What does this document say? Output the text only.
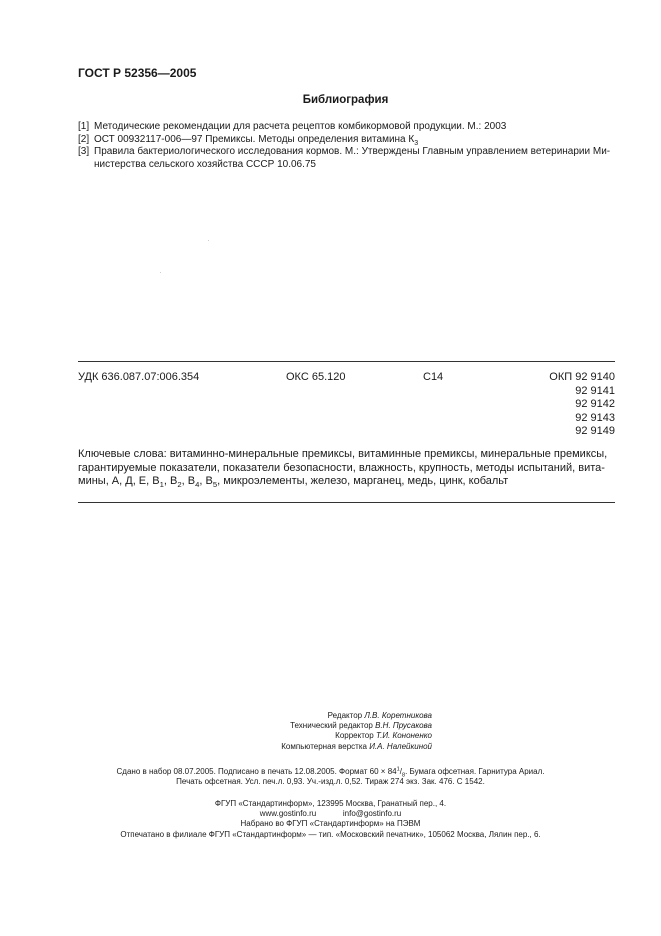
ГОСТ Р 52356—2005
Библиография
[1] Методические рекомендации для расчета рецептов комбикормовой продукции. М.: 2003
[2] ОСТ 00932117-006—97 Премиксы. Методы определения витамина $К_3$
[3] Правила бактериологического исследования кормов. М.: Утверждены Главным управлением ветеринарии Ми-
нистерства сельского хозяйства СССР 10.06.75
УДК 636.087.07:006.354	ОКС 65.120	С14	ОКП 92 9140
92 9141
92 9142
92 9143
92 9149
Ключевые слова: витаминно-минеральные премиксы, витаминные премиксы, минеральные премиксы,
гарантируемые показатели, показатели безопасности, влажность, крупность, методы испытаний, вита-
мины, А, Д, Е, $В_1$, $В_2$, $В_4$, $В_5$, микроэлементы, железо, марганец, медь, цинк, кобальт
Редактор Л.В. Коретникова
Технический редактор В.Н. Прусакова
Корректор Т.И. Кононенко
Компьютерная верстка И.А. Налейкиной
Сдано в набор 08.07.2005. Подписано в печать 12.08.2005. Формат $60 \times 84^1/_8$. Бумага офсетная. Гарнитура Ариал.
Печать офсетная. Усл. печ.л. 0,93. Уч.-изд.л. 0,52. Тираж 274 экз. Зак. 476. С 1542.
ФГУП «Стандартинформ», 123995 Москва, Гранатный пер., 4.
www.gostinfo.ru	info@gostinfo.ru
Набрано во ФГУП «Стандартинформ» на ПЭВМ
Отпечатано в филиале ФГУП «Стандартинформ» — тип. «Московский печатник», 105062 Москва, Лялин пер., 6.
